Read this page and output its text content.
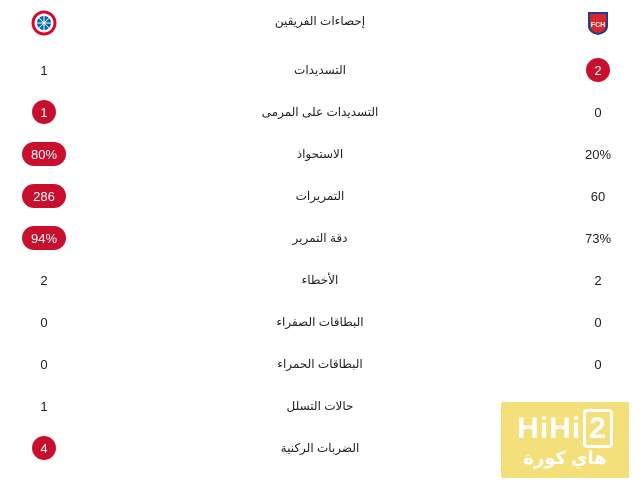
إحصاءات الفريقين	FCH
1	التسديدات	2
1	التسديدات على المرمى	0
80%	الاستحواذ	20%
286	التمريرات	60
94%	دقة التمرير	73%
2	الأخطاء	2
0	البطاقات الصفراء	0
0	البطاقات الحمراء	0
1	حالات التسلل
4	الضربات الركنية
HiHi 2
هاي كورة
